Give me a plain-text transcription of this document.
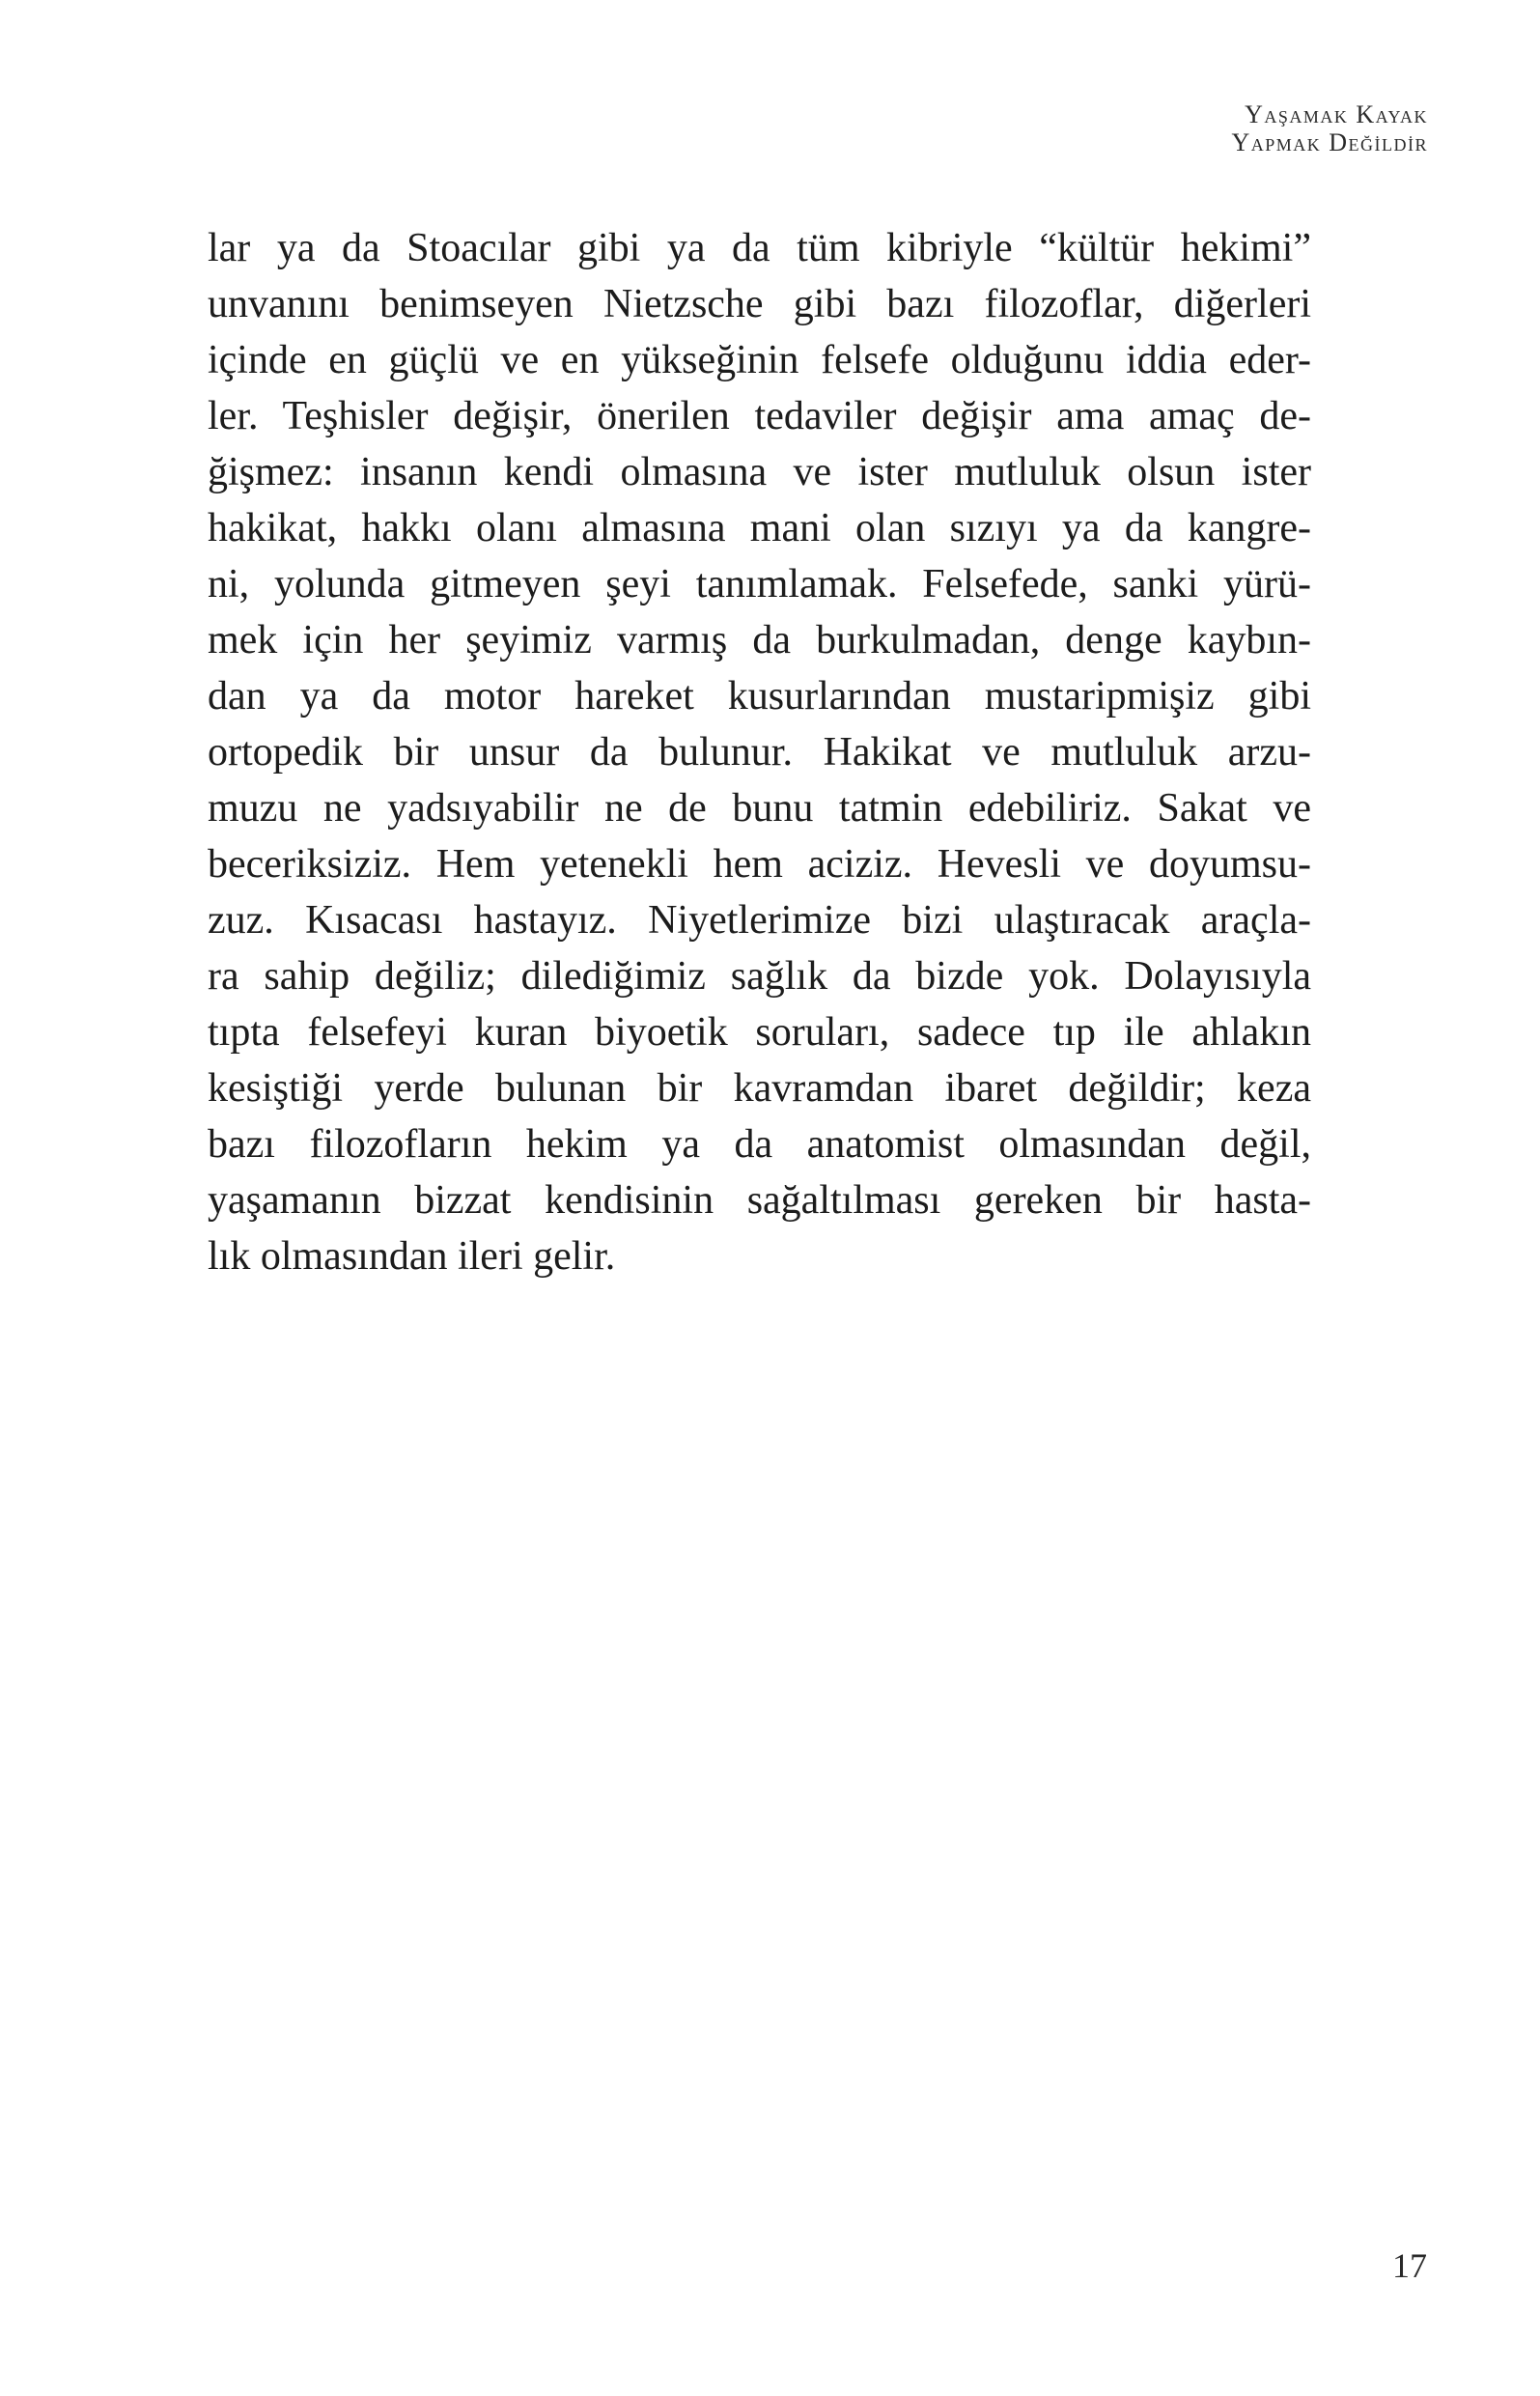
Yaşamak Kayak
Yapmak Değildir
lar ya da Stoacılar gibi ya da tüm kibriyle “kültür hekimi”
unvanını benimseyen Nietzsche gibi bazı filozoflar, diğerleri
içinde en güçlü ve en yükseğinin felsefe olduğunu iddia eder-
ler. Teşhisler değişir, önerilen tedaviler değişir ama amaç de-
ğişmez: insanın kendi olmasına ve ister mutluluk olsun ister
hakikat, hakkı olanı almasına mani olan sızıyı ya da kangre-
ni, yolunda gitmeyen şeyi tanımlamak. Felsefede, sanki yürü-
mek için her şeyimiz varmış da burkulmadan, denge kaybın-
dan ya da motor hareket kusurlarından mustaripmişiz gibi
ortopedik bir unsur da bulunur. Hakikat ve mutluluk arzu-
muzu ne yadsıyabilir ne de bunu tatmin edebiliriz. Sakat ve
beceriksiziz. Hem yetenekli hem aciziz. Hevesli ve doyumsu-
zuz. Kısacası hastayız. Niyetlerimize bizi ulaştıracak araçla-
ra sahip değiliz; dilediğimiz sağlık da bizde yok. Dolayısıyla
tıpta felsefeyi kuran biyoetik soruları, sadece tıp ile ahlakın
kesiştiği yerde bulunan bir kavramdan ibaret değildir; keza
bazı filozofların hekim ya da anatomist olmasından değil,
yaşamanın bizzat kendisinin sağaltılması gereken bir hasta-
lık olmasından ileri gelir.
17
